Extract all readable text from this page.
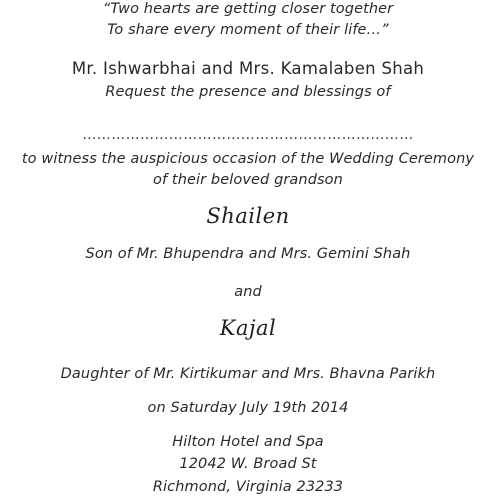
“Two hearts are getting closer together
To share every moment of their life…”
Mr. Ishwarbhai and Mrs. Kamalaben Shah
Request the presence and blessings of
……………………………………………………………
to witness the auspicious occasion of the Wedding Ceremony
of their beloved grandson
Shailen
Son of Mr. Bhupendra and Mrs. Gemini Shah
and
Kajal
Daughter of Mr. Kirtikumar and Mrs. Bhavna Parikh
on Saturday July 19th 2014
Hilton Hotel and Spa
12042 W. Broad St
Richmond, Virginia 23233
